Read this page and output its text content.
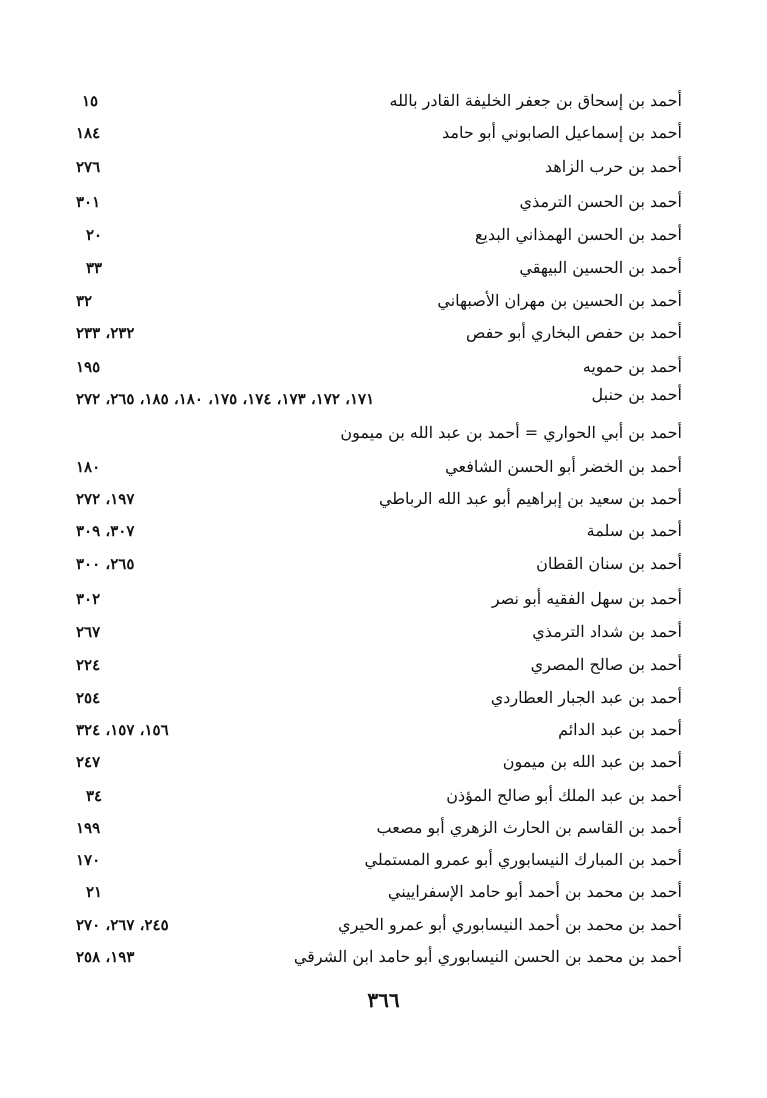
أحمد بن إسحاق بن جعفر الخليفة القادر بالله
١٥
أحمد بن إسماعيل الصابوني أبو حامد
١٨٤
أحمد بن حرب الزاهد
٢٧٦
أحمد بن الحسن الترمذي
٣٠١
أحمد بن الحسن الهمذاني البديع
٢٠
أحمد بن الحسين البيهقي
٣٣
أحمد بن الحسين بن مهران الأصبهاني
٣٢
أحمد بن حفص البخاري أبو حفص
٢٣٢، ٢٣٣
أحمد بن حمويه
١٩٥
أحمد بن حنبل
١٧١، ١٧٢، ١٧٣، ١٧٤، ١٧٥، ١٨٠، ١٨٥، ٢٦٥، ٢٧٢
أحمد بن أبي الحواري = أحمد بن عبد الله بن ميمون
أحمد بن الخضر أبو الحسن الشافعي
١٨٠
أحمد بن سعيد بن إبراهيم أبو عبد الله الرباطي
١٩٧، ٢٧٢
أحمد بن سلمة
٣٠٧، ٣٠٩
أحمد بن سنان القطان
٢٦٥، ٣٠٠
أحمد بن سهل الفقيه أبو نصر
٣٠٢
أحمد بن شداد الترمذي
٢٦٧
أحمد بن صالح المصري
٢٢٤
أحمد بن عبد الجبار العطاردي
٢٥٤
أحمد بن عبد الدائم
١٥٦، ١٥٧، ٣٢٤
أحمد بن عبد الله بن ميمون
٢٤٧
أحمد بن عبد الملك أبو صالح المؤذن
٣٤
أحمد بن القاسم بن الحارث الزهري أبو مصعب
١٩٩
أحمد بن المبارك النيسابوري أبو عمرو المستملي
١٧٠
أحمد بن محمد بن أحمد أبو حامد الإسفراييني
٢١
أحمد بن محمد بن أحمد النيسابوري أبو عمرو الحيري
٢٤٥، ٢٦٧، ٢٧٠
أحمد بن محمد بن الحسن النيسابوري أبو حامد ابن الشرقي
١٩٣، ٢٥٨
٣٦٦
